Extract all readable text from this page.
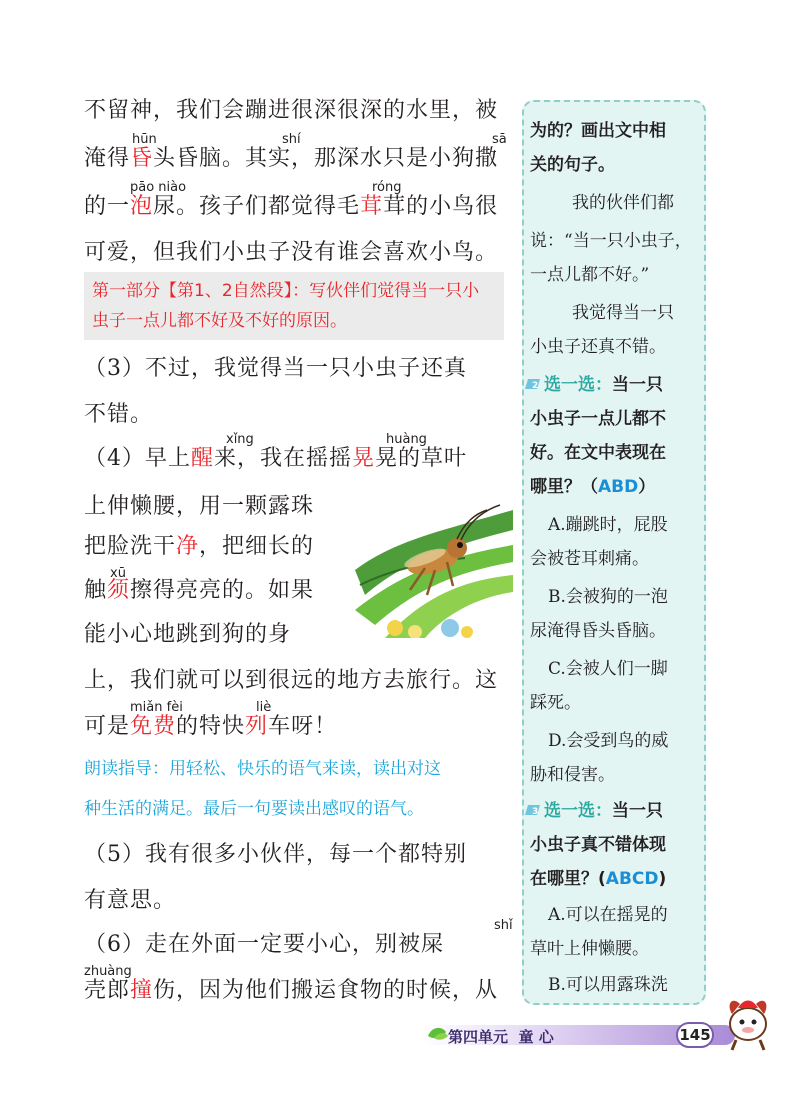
不留神，我们会蹦进很深很深的水里，被
hūn	shí	sā
淹得昏头昏脑。其实，那深水只是小狗撒
pāo niào	róng
的一泡尿。孩子们都觉得毛茸茸的小鸟很
可爱，但我们小虫子没有谁会喜欢小鸟。
第一部分【第1、2自然段】：写伙伴们觉得当一只小虫子一点儿都不好及不好的原因。
（3）不过，我觉得当一只小虫子还真
不错。
xǐng	huàng
（4）早上醒来，我在摇摇晃晃的草叶
上伸懒腰，用一颗露珠
把脸洗干净，把细长的
xū
触须擦得亮亮的。如果
能小心地跳到狗的身
上，我们就可以到很远的地方去旅行。这
miǎn fèi	liè
可是免费的特快列车呀！
朗读指导：用轻松、快乐的语气来读，读出对这
种生活的满足。最后一句要读出感叹的语气。
（5）我有很多小伙伴，每一个都特别
有意思。
shǐ
（6）走在外面一定要小心，别被屎
zhuàng
壳郎撞伤，因为他们搬运食物的时候，从
为的？画出文中相
关的句子。
我的伙伴们都
说：“当一只小虫子，
一点儿都不好。”
我觉得当一只
小虫子还真不错。
2 选一选：当一只
小虫子一点儿都不
好。在文中表现在
哪里？（ABD）
A.蹦跳时，屁股
会被苍耳刺痛。
B.会被狗的一泡
尿淹得昏头昏脑。
C.会被人们一脚
踩死。
D.会受到鸟的威
胁和侵害。
3 选一选：当一只
小虫子真不错体现
在哪里？(ABCD)
A.可以在摇晃的
草叶上伸懒腰。
B.可以用露珠洗
第四单元 童 心	145
